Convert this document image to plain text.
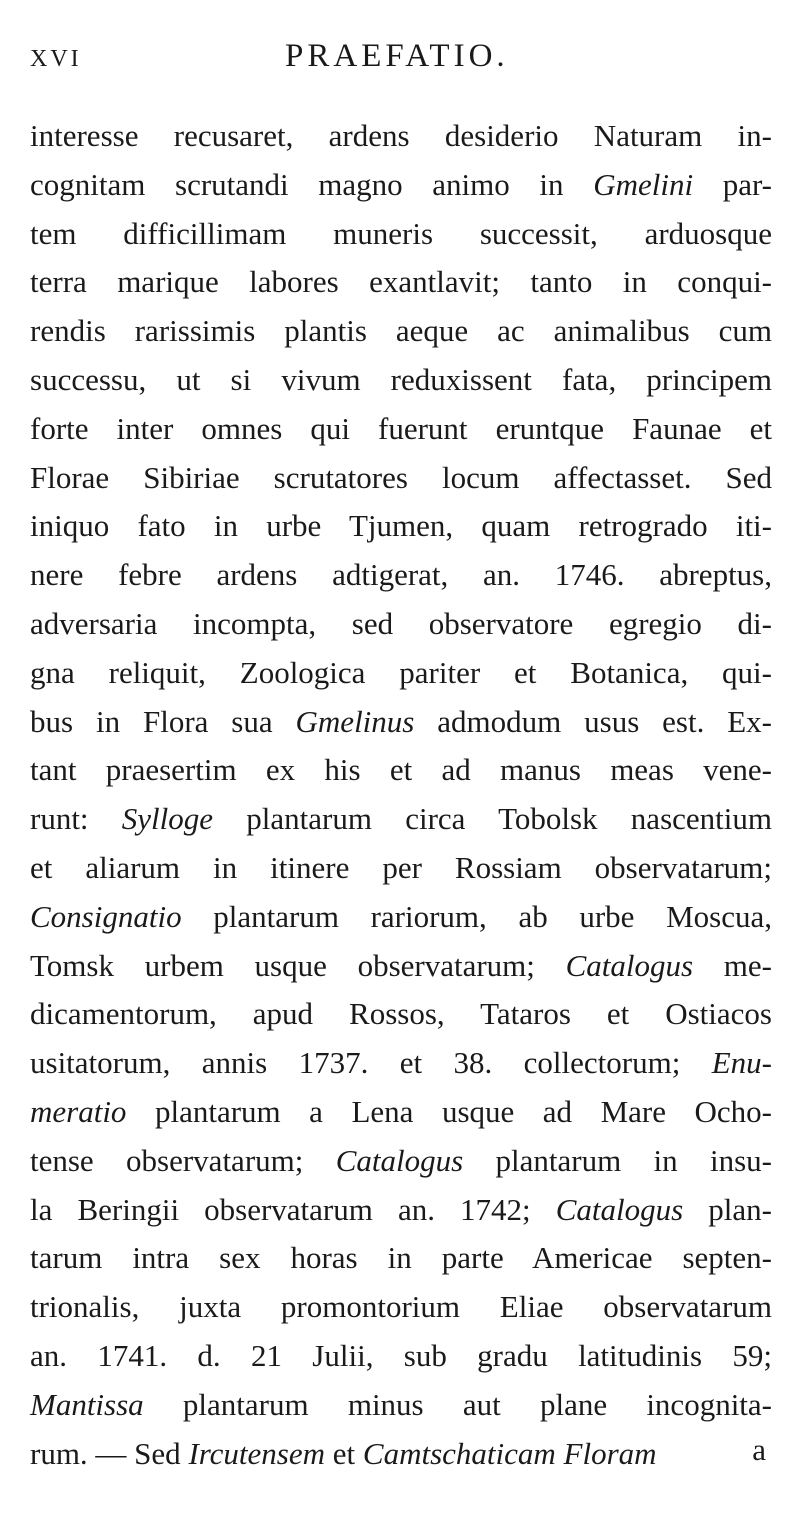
XVI	PRAEFATIO.
interesse recusaret, ardens desiderio Naturam in-
cognitam scrutandi magno animo in Gmelini par-
tem difficillimam muneris successit, arduosque
terra marique labores exantlavit; tanto in conqui-
rendis rarissimis plantis aeque ac animalibus cum
successu, ut si vivum reduxissent fata, principem
forte inter omnes qui fuerunt eruntque Faunae et
Florae Sibiriae scrutatores locum affectasset. Sed
iniquo fato in urbe Tjumen, quam retrogrado iti-
nere febre ardens adtigerat, an. 1746. abreptus,
adversaria incompta, sed observatore egregio di-
gna reliquit, Zoologica pariter et Botanica, qui-
bus in Flora sua Gmelinus admodum usus est. Ex-
tant praesertim ex his et ad manus meas vene-
runt: Sylloge plantarum circa Tobolsk nascentium
et aliarum in itinere per Rossiam observatarum;
Consignatio plantarum rariorum, ab urbe Moscua,
Tomsk urbem usque observatarum; Catalogus me-
dicamentorum, apud Rossos, Tataros et Ostiacos
usitatorum, annis 1737. et 38. collectorum; Enu-
meratio plantarum a Lena usque ad Mare Ocho-
tense observatarum; Catalogus plantarum in insu-
la Beringii observatarum an. 1742; Catalogus plan-
tarum intra sex horas in parte Americae septen-
trionalis, juxta promontorium Eliae observatarum
an. 1741. d. 21 Julii, sub gradu latitudinis 59;
Mantissa plantarum minus aut plane incognita-
rum. — Sed Ircutensem et Camtschaticam Floram	a
